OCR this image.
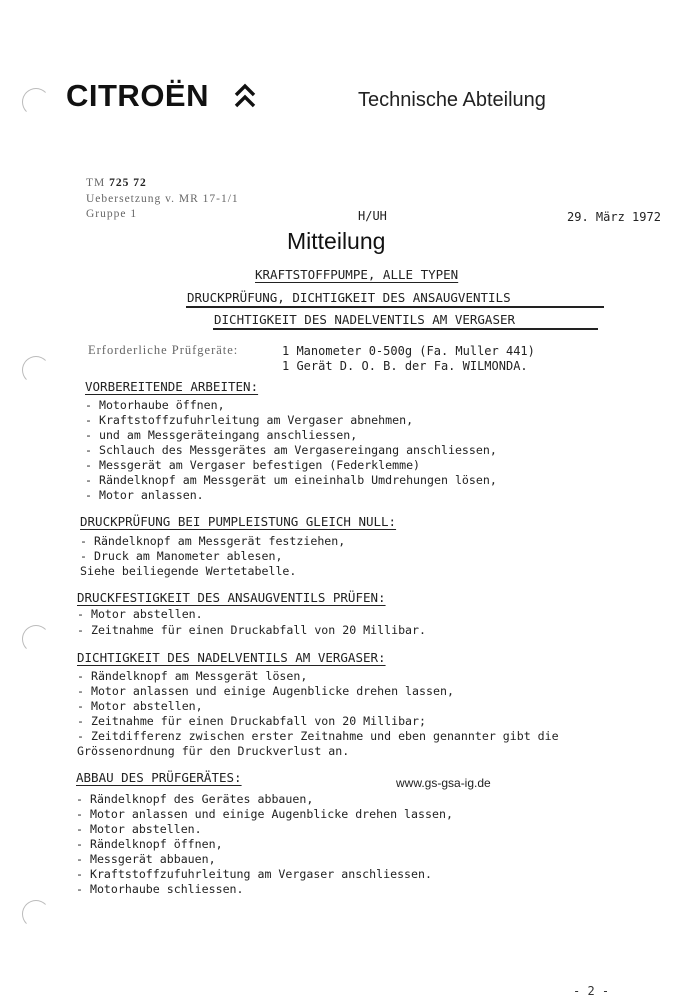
CITROËN	Technische Abteilung
TM 725 72
Uebersetzung v. MR 17-1/1
Gruppe 1	H/UH	29. März 1972
Mitteilung
KRAFTSTOFFPUMPE, ALLE TYPEN
DRUCKPRÜFUNG, DICHTIGKEIT DES ANSAUGVENTILS
DICHTIGKEIT DES NADELVENTILS AM VERGASER
Erforderliche Prüfgeräte:	1 Manometer 0-500g (Fa. Muller 441)
1 Gerät D. O. B. der Fa. WILMONDA.
VORBEREITENDE ARBEITEN:
- Motorhaube öffnen,
- Kraftstoffzufuhrleitung am Vergaser abnehmen,
- und am Messgeräteingang anschliessen,
- Schlauch des Messgerätes am Vergasereingang anschliessen,
- Messgerät am Vergaser befestigen (Federklemme)
- Rändelknopf am Messgerät um eineinhalb Umdrehungen lösen,
- Motor anlassen.
DRUCKPRÜFUNG BEI PUMPLEISTUNG GLEICH NULL:
- Rändelknopf am Messgerät festziehen,
- Druck am Manometer ablesen,
Siehe beiliegende Wertetabelle.
DRUCKFESTIGKEIT DES ANSAUGVENTILS PRÜFEN:
- Motor abstellen.
- Zeitnahme für einen Druckabfall von 20 Millibar.
DICHTIGKEIT DES NADELVENTILS AM VERGASER:
- Rändelknopf am Messgerät lösen,
- Motor anlassen und einige Augenblicke drehen lassen,
- Motor abstellen,
- Zeitnahme für einen Druckabfall von 20 Millibar;
- Zeitdifferenz zwischen erster Zeitnahme und eben genannter gibt die
Grössenordnung für den Druckverlust an.
ABBAU DES PRÜFGERÄTES:	www.gs-gsa-ig.de
- Rändelknopf des Gerätes abbauen,
- Motor anlassen und einige Augenblicke drehen lassen,
- Motor abstellen.
- Rändelknopf öffnen,
- Messgerät abbauen,
- Kraftstoffzufuhrleitung am Vergaser anschliessen.
- Motorhaube schliessen.
- 2 -
